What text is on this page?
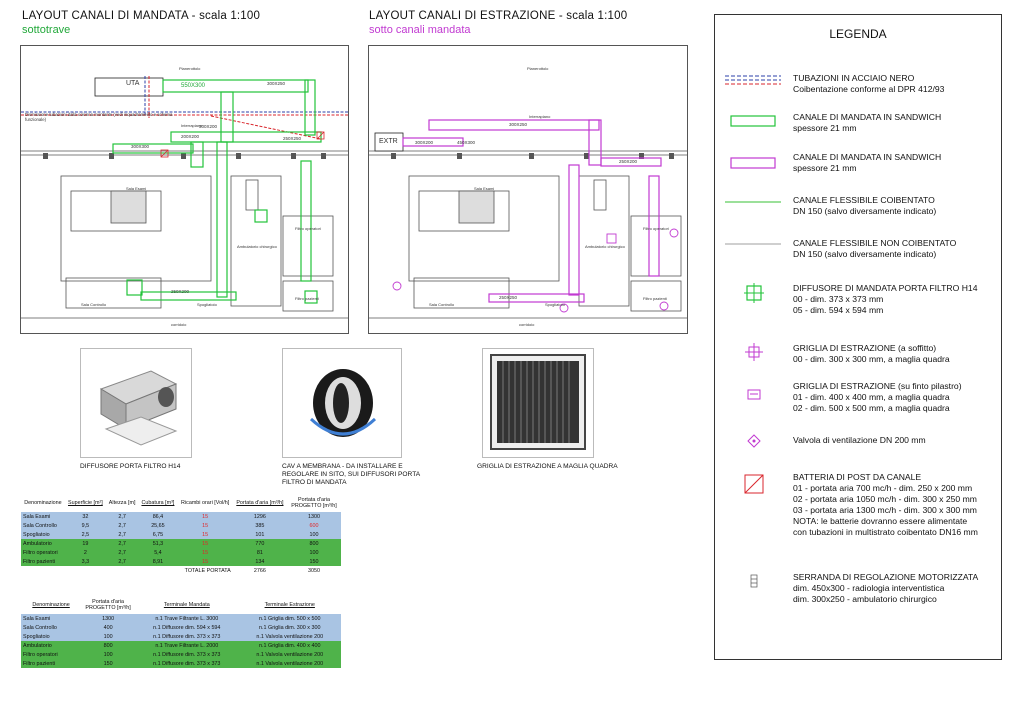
LAYOUT CANALI DI MANDATA - scala 1:100
sottotrave
LAYOUT CANALI DI ESTRAZIONE - scala 1:100
sotto canali mandata
UTA	550X300	300X250
300X300
250X250
250X200
200X200
300X200
Sala Esami
Sala Controllo	Spogliatoio
Ambulatorio chirurgico
Filtro operatori
Filtro pazienti
corridoio
Pianerottolo
Interrapiano
Dismissione tubazioni dalla colonna montante (vedi inquadramento e schema funzionale)
EXTR
300X250
450X300
300X200
250X200
250X250
Sala Esami
Sala Controllo	Spogliatoio
Ambulatorio chirurgico
Filtro operatori
Filtro pazienti
corridoio
Pianerottolo
Interrapiano
DIFFUSORE PORTA FILTRO H14	CAV A MEMBRANA - DA INSTALLARE E REGOLARE IN SITO, SUI DIFFUSORI PORTA FILTRO DI MANDATA
GRIGLIA DI ESTRAZIONE A MAGLIA QUADRA
Denominazione	Superficie [m²]	Altezza [m]	Cubatura [m³]	Ricambi orari [Vol/h]	Portata d'aria [m³/h]	Portata d'aria PROGETTO [m³/h]
Sala Esami	32	2,7	86,4	15	1296	1300
Sala Controllo	9,5	2,7	25,65	15	385	600
Spogliatoio	2,5	2,7	6,75	15	101	100
Ambulatorio	19	2,7	51,3	15	770	800
Filtro operatori	2	2,7	5,4	15	81	100
Filtro pazienti	3,3	2,7	8,91	15	134	150
				TOTALE PORTATA	2766	3050
Denominazione	Portata d'aria PROGETTO [m³/h]	Terminale Mandata	Terminale Estrazione
Sala Esami	1300	n.1 Trave Filtrante L. 3000	n.1 Griglia dim. 500 x 500
Sala Controllo	400	n.1 Diffusore dim. 594 x 594	n.1 Griglia dim. 300 x 300
Spogliatoio	100	n.1 Diffusore dim. 373 x 373	n.1 Valvola ventilazione 200
Ambulatorio	800	n.1 Trave Filtrante L. 2000	n.1 Griglia dim. 400 x 400
Filtro operatori	100	n.1 Diffusore dim. 373 x 373	n.1 Valvola ventilazione 200
Filtro pazienti	150	n.1 Diffusore dim. 373 x 373	n.1 Valvola ventilazione 200
LEGENDA
TUBAZIONI IN ACCIAIO NERO
Coibentazione conforme al DPR 412/93
CANALE DI MANDATA IN SANDWICH
spessore 21 mm
CANALE DI MANDATA IN SANDWICH
spessore 21 mm
CANALE FLESSIBILE COIBENTATO
DN 150 (salvo diversamente indicato)
CANALE FLESSIBILE NON COIBENTATO
DN 150 (salvo diversamente indicato)
DIFFUSORE DI MANDATA PORTA FILTRO H14
00 - dim. 373 x 373 mm
05 - dim. 594 x 594 mm
GRIGLIA DI ESTRAZIONE (a soffitto)
00 - dim. 300 x 300 mm, a maglia quadra
GRIGLIA DI ESTRAZIONE (su finto pilastro)
01 - dim. 400 x 400 mm, a maglia quadra
02 - dim. 500 x 500 mm, a maglia quadra
Valvola di ventilazione DN 200 mm
BATTERIA DI POST DA CANALE
01 - portata aria 700 mc/h - dim. 250 x 200 mm
02 - portata aria 1050 mc/h - dim. 300 x 250 mm
03 - portata aria 1300 mc/h - dim. 300 x 300 mm
NOTA: le batterie dovranno essere alimentate
con tubazioni in multistrato coibentato DN16 mm
SERRANDA DI REGOLAZIONE MOTORIZZATA
dim. 450x300 - radiologia interventistica
dim. 300x250 - ambulatorio chirurgico
